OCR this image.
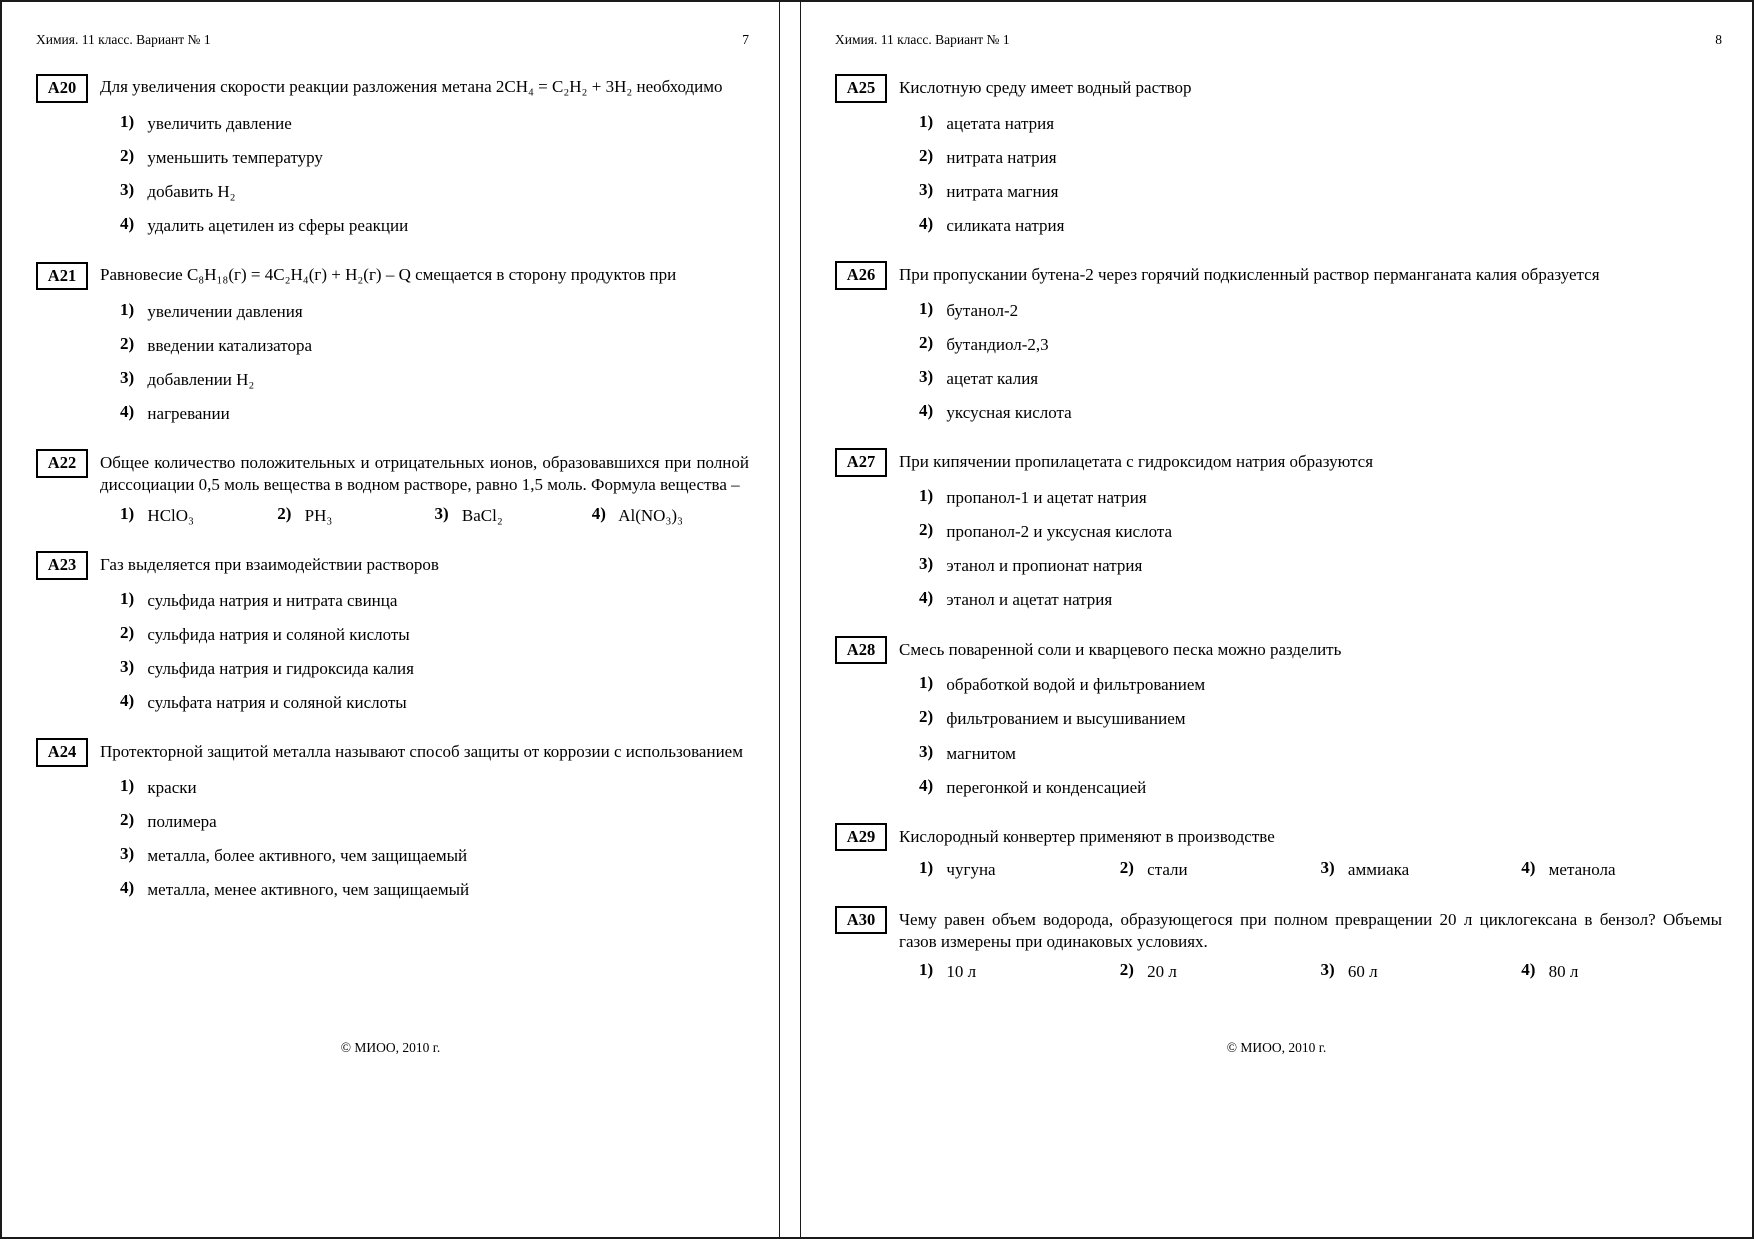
Химия. 11 класс. Вариант № 1	7
А20	Для увеличения скорости реакции разложения метана 2CH₄ = C₂H₂ + 3H₂ необходимо
1) увеличить давление
2) уменьшить температуру
3) добавить H₂
4) удалить ацетилен из сферы реакции
А21	Равновесие C₈H₁₈(г) = 4C₂H₄(г) + H₂(г) – Q смещается в сторону продуктов при
1) увеличении давления
2) введении катализатора
3) добавлении H₂
4) нагревании
А22	Общее количество положительных и отрицательных ионов, образовавшихся при полной диссоциации 0,5 моль вещества в водном растворе, равно 1,5 моль. Формула вещества –
1) HClO₃	2) PH₃	3) BaCl₂	4) Al(NO₃)₃
А23	Газ выделяется при взаимодействии растворов
1) сульфида натрия и нитрата свинца
2) сульфида натрия и соляной кислоты
3) сульфида натрия и гидроксида калия
4) сульфата натрия и соляной кислоты
А24	Протекторной защитой металла называют способ защиты от коррозии с использованием
1) краски
2) полимера
3) металла, более активного, чем защищаемый
4) металла, менее активного, чем защищаемый
© МИОО, 2010 г.
Химия. 11 класс. Вариант № 1	8
А25	Кислотную среду имеет водный раствор
1) ацетата натрия
2) нитрата натрия
3) нитрата магния
4) силиката натрия
А26	При пропускании бутена-2 через горячий подкисленный раствор перманганата калия образуется
1) бутанол-2
2) бутандиол-2,3
3) ацетат калия
4) уксусная кислота
А27	При кипячении пропилацетата с гидроксидом натрия образуются
1) пропанол-1 и ацетат натрия
2) пропанол-2 и уксусная кислота
3) этанол и пропионат натрия
4) этанол и ацетат натрия
А28	Смесь поваренной соли и кварцевого песка можно разделить
1) обработкой водой и фильтрованием
2) фильтрованием и высушиванием
3) магнитом
4) перегонкой и конденсацией
А29	Кислородный конвертер применяют в производстве
1) чугуна	2) стали	3) аммиака	4) метанола
А30	Чему равен объем водорода, образующегося при полном превращении 20 л циклогексана в бензол? Объемы газов измерены при одинаковых условиях.
1) 10 л	2) 20 л	3) 60 л	4) 80 л
© МИОО, 2010 г.
